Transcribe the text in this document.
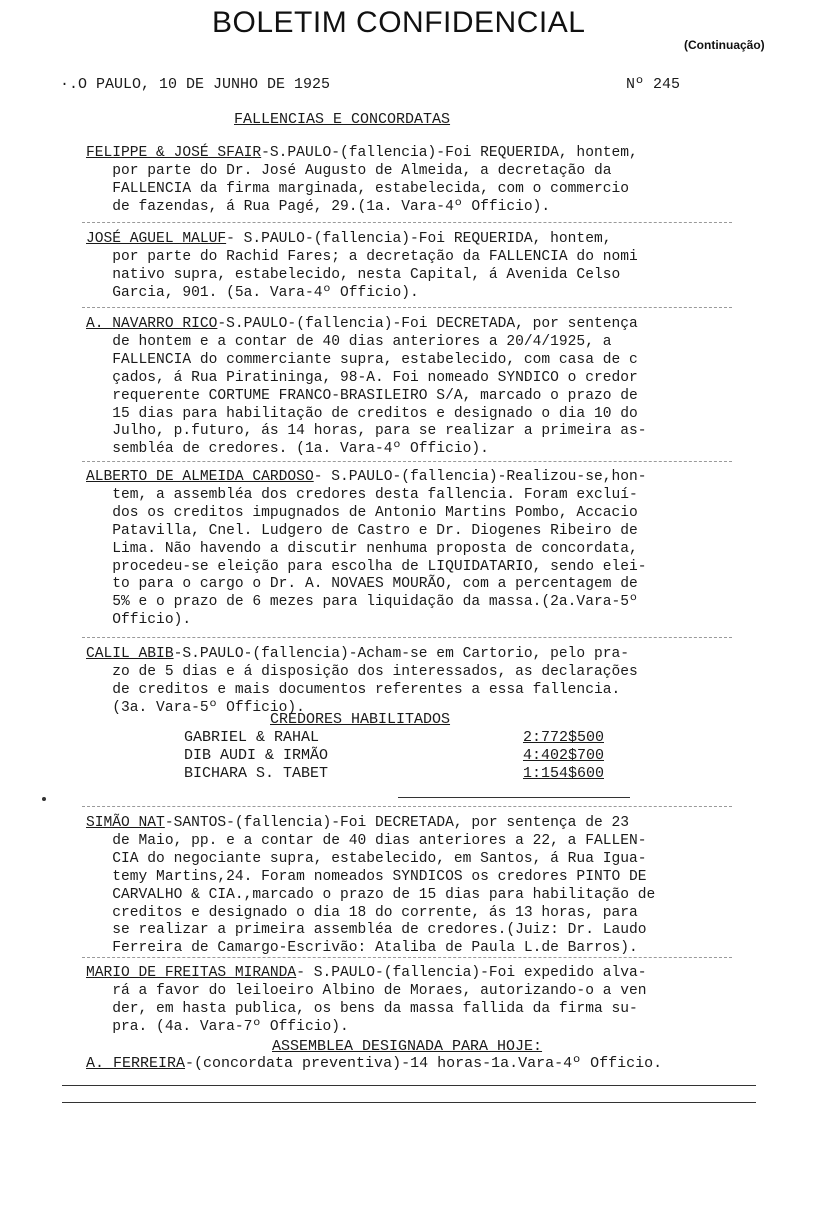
BOLETIM CONFIDENCIAL
(Continuação)
·.O PAULO, 10 DE JUNHO DE 1925	Nº 245
FALLENCIAS E CONCORDATAS
FELIPPE & JOSÉ SFAIR-S.PAULO-(fallencia)-Foi REQUERIDA, hontem,
por parte do Dr. José Augusto de Almeida, a decretação da
FALLENCIA da firma marginada, estabelecida, com o commercio
de fazendas, á Rua Pagé, 29.(1a. Vara-4º Officio).
JOSÉ AGUEL MALUF- S.PAULO-(fallencia)-Foi REQUERIDA, hontem,
por parte do Rachid Fares; a decretação da FALLENCIA do nomi
nativo supra, estabelecido, nesta Capital, á Avenida Celso
Garcia, 901. (5a. Vara-4º Officio).
A. NAVARRO RICO-S.PAULO-(fallencia)-Foi DECRETADA, por sentença
de hontem e a contar de 40 dias anteriores a 20/4/1925, a
FALLENCIA do commerciante supra, estabelecido, com casa de c
çados, á Rua Piratininga, 98-A. Foi nomeado SYNDICO o credor
requerente CORTUME FRANCO-BRASILEIRO S/A, marcado o prazo de
15 dias para habilitação de creditos e designado o dia 10 do
Julho, p.futuro, ás 14 horas, para se realizar a primeira as-
sembléa de credores. (1a. Vara-4º Officio).
ALBERTO DE ALMEIDA CARDOSO- S.PAULO-(fallencia)-Realizou-se,hon-
tem, a assembléa dos credores desta fallencia. Foram excluí-
dos os creditos impugnados de Antonio Martins Pombo, Accacio
Patavilla, Cnel. Ludgero de Castro e Dr. Diogenes Ribeiro de
Lima. Não havendo a discutir nenhuma proposta de concordata,
procedeu-se eleição para escolha de LIQUIDATARIO, sendo elei-
to para o cargo o Dr. A. NOVAES MOURÃO, com a percentagem de
5% e o prazo de 6 mezes para liquidação da massa.(2a.Vara-5º
Officio).
CALIL ABIB-S.PAULO-(fallencia)-Acham-se em Cartorio, pelo pra-
zo de 5 dias e á disposição dos interessados, as declarações
de creditos e mais documentos referentes a essa fallencia.
(3a. Vara-5º Officio).
SIMÃO NAT-SANTOS-(fallencia)-Foi DECRETADA, por sentença de 23
de Maio, pp. e a contar de 40 dias anteriores a 22, a FALLEN-
CIA do negociante supra, estabelecido, em Santos, á Rua Igua-
temy Martins,24. Foram nomeados SYNDICOS os credores PINTO DE
CARVALHO & CIA.,marcado o prazo de 15 dias para habilitação de
creditos e designado o dia 18 do corrente, ás 13 horas, para
se realizar a primeira assembléa de credores.(Juiz: Dr. Laudo
Ferreira de Camargo-Escrivão: Ataliba de Paula L.de Barros).
MARIO DE FREITAS MIRANDA- S.PAULO-(fallencia)-Foi expedido alva-
rá a favor do leiloeiro Albino de Moraes, autorizando-o a ven
der, em hasta publica, os bens da massa fallida da firma su-
pra. (4a. Vara-7º Officio).
CREDORES HABILITADOS
GABRIEL & RAHAL	2:772$500
DIB AUDI & IRMÃO	4:402$700
BICHARA S. TABET	1:154$600
ASSEMBLEA DESIGNADA PARA HOJE:
A. FERREIRA-(concordata preventiva)-14 horas-1a.Vara-4º Officio.
